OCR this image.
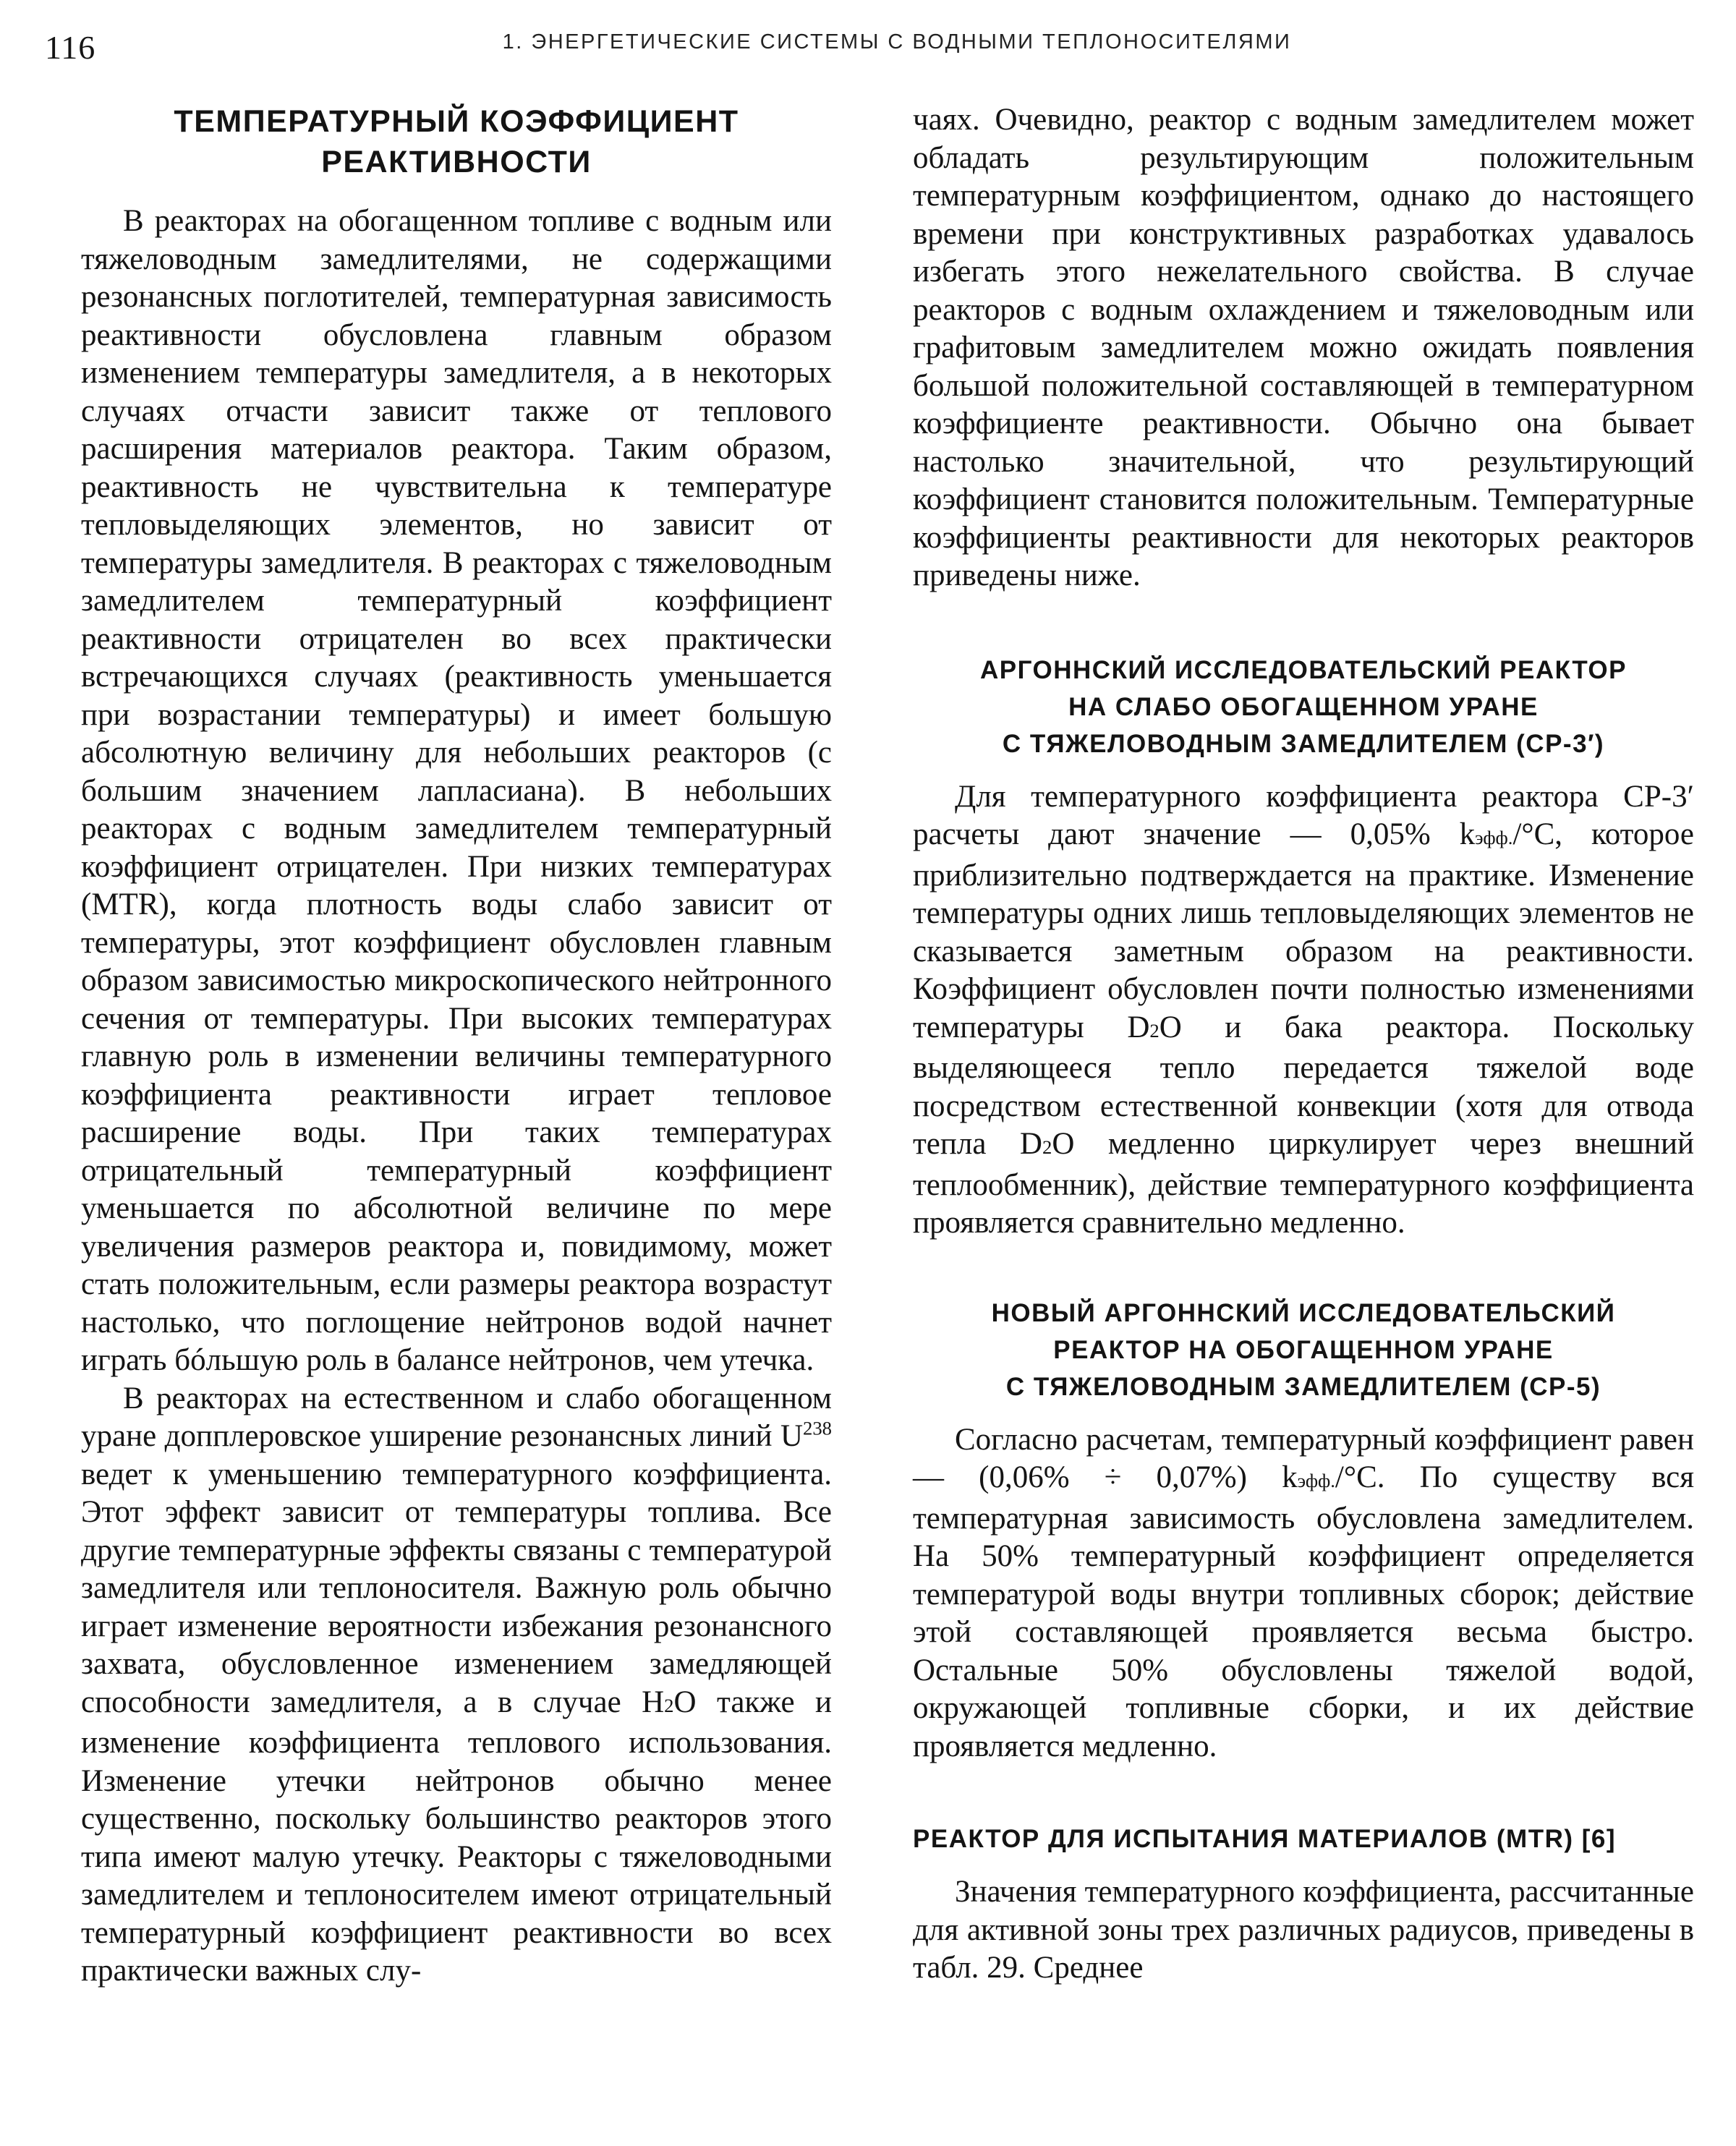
116	1. ЭНЕРГЕТИЧЕСКИЕ СИСТЕМЫ С ВОДНЫМИ ТЕПЛОНОСИТЕЛЯМИ
ТЕМПЕРАТУРНЫЙ КОЭФФИЦИЕНТ
РЕАКТИВНОСТИ

В реакторах на обогащенном топливе с водным или тяжеловодным замедлителями, не содержащими резонансных поглотителей, температурная зависимость реактивности обусловлена главным образом изменением температуры замедлителя, а в некоторых случаях отчасти зависит также от теплового расширения материалов реактора. Таким образом, реактивность не чувствительна к температуре тепловыделяющих элементов, но зависит от температуры замедлителя. В реакторах с тяжеловодным замедлителем температурный коэффициент реактивности отрицателен во всех практически встречающихся случаях (реактивность уменьшается при возрастании температуры) и имеет большую абсолютную величину для небольших реакторов (с большим значением лапласиана). В небольших реакторах с водным замедлителем температурный коэффициент отрицателен. При низких температурах (MTR), когда плотность воды слабо зависит от температуры, этот коэффициент обусловлен главным образом зависимостью микроскопического нейтронного сечения от температуры. При высоких температурах главную роль в изменении величины температурного коэффициента реактивности играет тепловое расширение воды. При таких температурах отрицательный температурный коэффициент уменьшается по абсолютной величине по мере увеличения размеров реактора и, повидимому, может стать положительным, если размеры реактора возрастут настолько, что поглощение нейтронов водой начнет играть бóльшую роль в балансе нейтронов, чем утечка.

В реакторах на естественном и слабо обогащенном уране допплеровское уширение резонансных линий $U^{238}$ ведет к уменьшению температурного коэффициента. Этот эффект зависит от температуры топлива. Все другие температурные эффекты связаны с температурой замедлителя или теплоносителя. Важную роль обычно играет изменение вероятности избежания резонансного захвата, обусловленное изменением замедляющей способности замедлителя, а в случае H2O также и изменение коэффициента теплового использования. Изменение утечки нейтронов обычно менее существенно, поскольку большинство реакторов этого типа имеют малую утечку. Реакторы с тяжеловодными замедлителем и теплоносителем имеют отрицательный температурный коэффициент реактивности во всех практически важных слу-

чаях. Очевидно, реактор с водным замедлителем может обладать результирующим положительным температурным коэффициентом, однако до настоящего времени при конструктивных разработках удавалось избегать этого нежелательного свойства. В случае реакторов с водным охлаждением и тяжеловодным или графитовым замедлителем можно ожидать появления большой положительной составляющей в температурном коэффициенте реактивности. Обычно она бывает настолько значительной, что результирующий коэффициент становится положительным. Температурные коэффициенты реактивности для некоторых реакторов приведены ниже.

АРГОННСКИЙ ИССЛЕДОВАТЕЛЬСКИЙ РЕАКТОР
НА СЛАБО ОБОГАЩЕННОМ УРАНЕ
С ТЯЖЕЛОВОДНЫМ ЗАМЕДЛИТЕЛЕМ (СР-3′)

Для температурного коэффициента реактора СР-3′ расчеты дают значение — 0,05% kэфф./°С, которое приблизительно подтверждается на практике. Изменение температуры одних лишь тепловыделяющих элементов не сказывается заметным образом на реактивности. Коэффициент обусловлен почти полностью изменениями температуры D2O и бака реактора. Поскольку выделяющееся тепло передается тяжелой воде посредством естественной конвекции (хотя для отвода тепла D2O медленно циркулирует через внешний теплообменник), действие температурного коэффициента проявляется сравнительно медленно.

НОВЫЙ АРГОННСКИЙ ИССЛЕДОВАТЕЛЬСКИЙ
РЕАКТОР НА ОБОГАЩЕННОМ УРАНЕ
С ТЯЖЕЛОВОДНЫМ ЗАМЕДЛИТЕЛЕМ (СР-5)

Согласно расчетам, температурный коэффициент равен — (0,06% ÷ 0,07%) kэфф./°С. По существу вся температурная зависимость обусловлена замедлителем. На 50% температурный коэффициент определяется температурой воды внутри топливных сборок; действие этой составляющей проявляется весьма быстро. Остальные 50% обусловлены тяжелой водой, окружающей топливные сборки, и их действие проявляется медленно.

РЕАКТОР ДЛЯ ИСПЫТАНИЯ МАТЕРИАЛОВ (MTR) [6]

Значения температурного коэффициента, рассчитанные для активной зоны трех различных радиусов, приведены в табл. 29. Среднее
